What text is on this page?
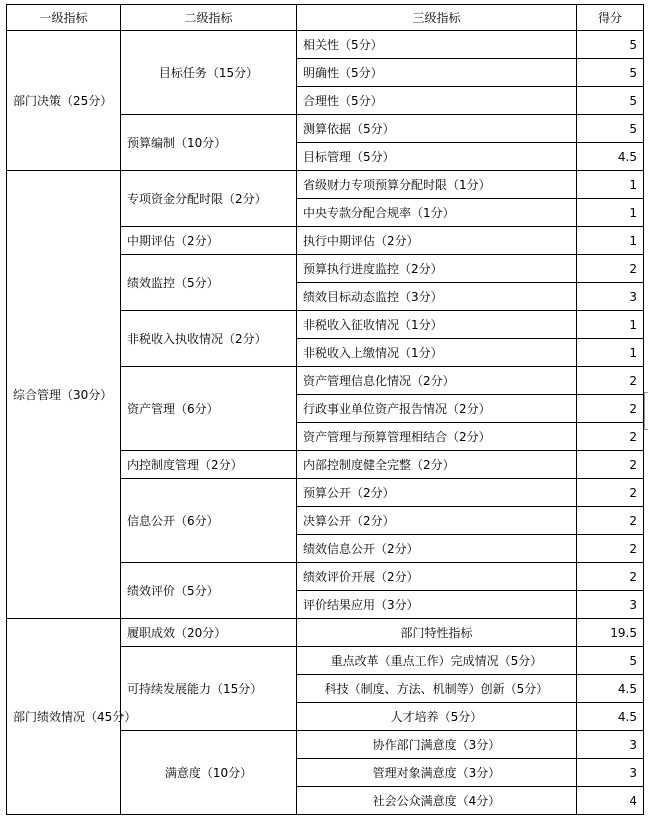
一级指标	二级指标	三级指标	得分
部门决策（25分）	目标任务（15分）	相关性（5分）	5
		明确性（5分）	5
		合理性（5分）	5
	预算编制（10分）	测算依据（5分）	5
		目标管理（5分）	4.5
综合管理（30分）	专项资金分配时限（2分）	省级财力专项预算分配时限（1分）	1
		中央专款分配合规率（1分）	1
	中期评估（2分）	执行中期评估（2分）	1
	绩效监控（5分）	预算执行进度监控（2分）	2
		绩效目标动态监控（3分）	3
	非税收入执收情况（2分）	非税收入征收情况（1分）	1
		非税收入上缴情况（1分）	1
	资产管理（6分）	资产管理信息化情况（2分）	2
		行政事业单位资产报告情况（2分）	2
		资产管理与预算管理相结合（2分）	2
	内控制度管理（2分）	内部控制度健全完整（2分）	2
	信息公开（6分）	预算公开（2分）	2
		决算公开（2分）	2
		绩效信息公开（2分）	2
	绩效评价（5分）	绩效评价开展（2分）	2
		评价结果应用（3分）	3
部门绩效情况（45分）	履职成效（20分）	部门特性指标	19.5
	可持续发展能力（15分）	重点改革（重点工作）完成情况（5分）	5
		科技（制度、方法、机制等）创新（5分）	4.5
		人才培养（5分）	4.5
	满意度（10分）	协作部门满意度（3分）	3
		管理对象满意度（3分）	3
		社会公众满意度（4分）	4
